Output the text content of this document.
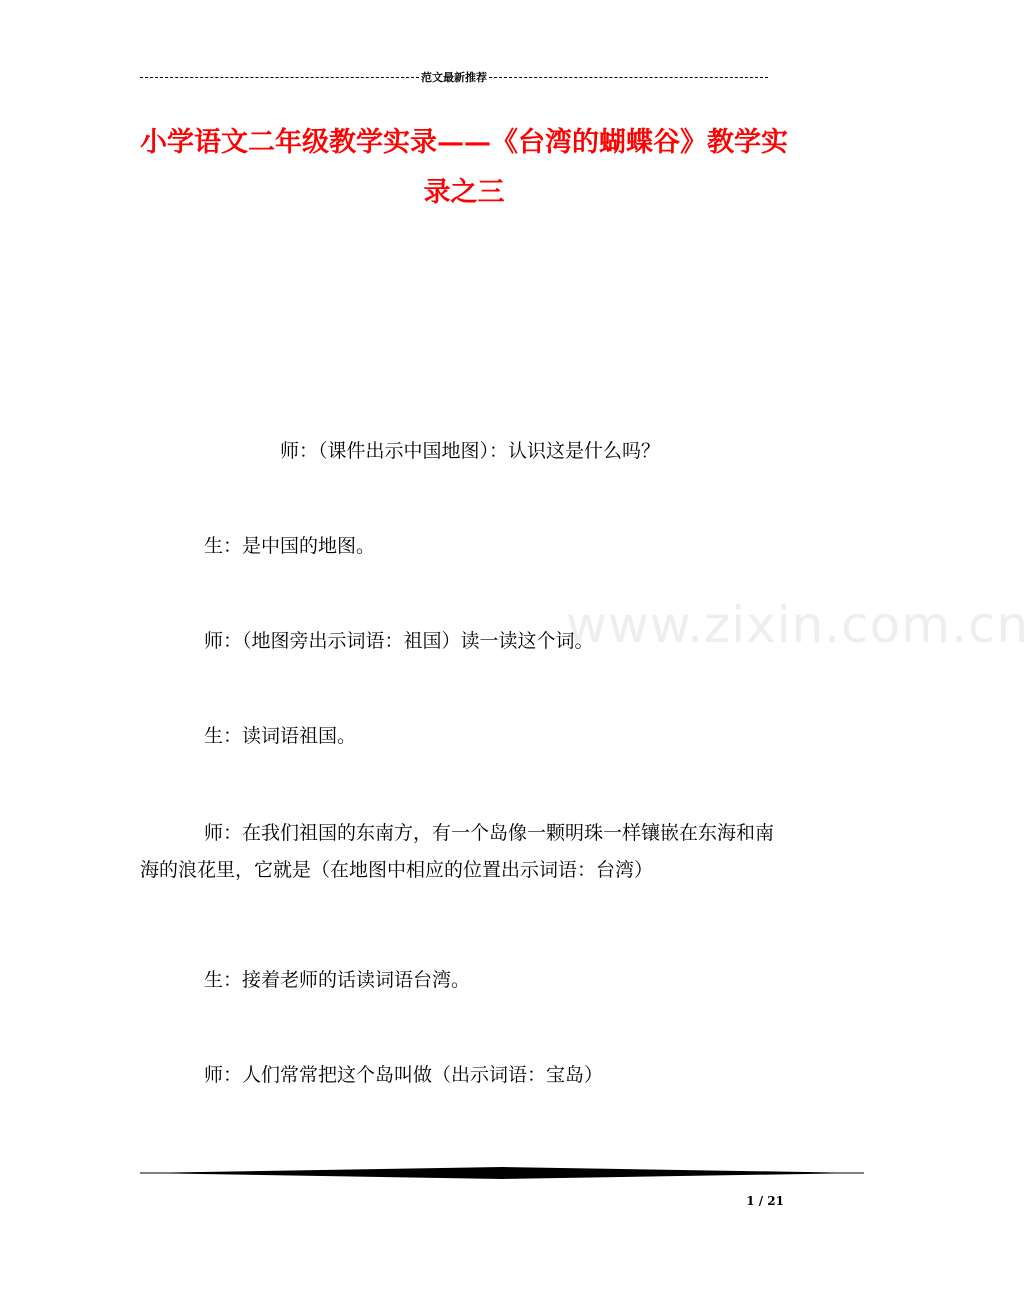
范文最新推荐
小学语文二年级教学实录——《台湾的蝴蝶谷》教学实录之三
www.zixin.com.cn

师：（课件出示中国地图）：认识这是什么吗？

生：是中国的地图。

师：（地图旁出示词语：祖国）读一读这个词。

生：读词语祖国。

师：在我们祖国的东南方，有一个岛像一颗明珠一样镶嵌在东海和南海的浪花里，它就是（在地图中相应的位置出示词语：台湾）

生：接着老师的话读词语台湾。

师：人们常常把这个岛叫做（出示词语：宝岛）

1 / 21
